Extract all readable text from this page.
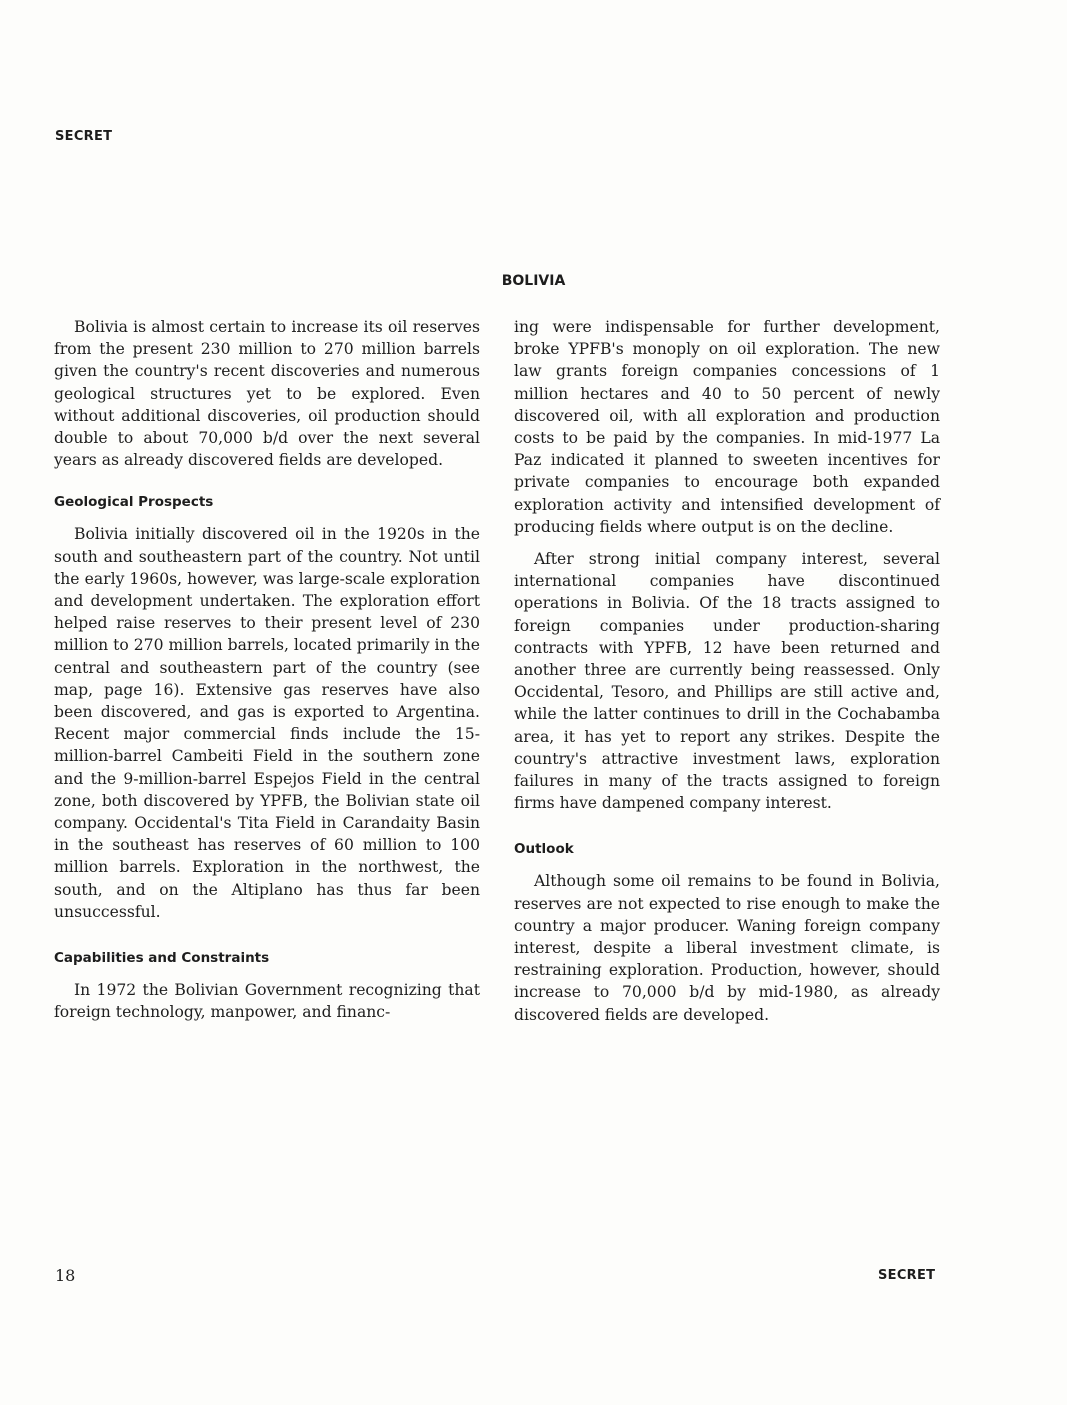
SECRET
BOLIVIA

Bolivia is almost certain to increase its oil reserves from the present 230 million to 270 million barrels given the country's recent discoveries and numerous geological structures yet to be explored. Even without additional discoveries, oil production should double to about 70,000 b/d over the next several years as already discovered fields are developed.

Geological Prospects

Bolivia initially discovered oil in the 1920s in the south and southeastern part of the country. Not until the early 1960s, however, was large-scale exploration and development undertaken. The exploration effort helped raise reserves to their present level of 230 million to 270 million barrels, located primarily in the central and southeastern part of the country (see map, page 16). Extensive gas reserves have also been discovered, and gas is exported to Argentina. Recent major commercial finds include the 15-million-barrel Cambeiti Field in the southern zone and the 9-million-barrel Espejos Field in the central zone, both discovered by YPFB, the Bolivian state oil company. Occidental's Tita Field in Carandaity Basin in the southeast has reserves of 60 million to 100 million barrels. Exploration in the northwest, the south, and on the Altiplano has thus far been unsuccessful.

Capabilities and Constraints

In 1972 the Bolivian Government recognizing that foreign technology, manpower, and financ-

ing were indispensable for further development, broke YPFB's monoply on oil exploration. The new law grants foreign companies concessions of 1 million hectares and 40 to 50 percent of newly discovered oil, with all exploration and production costs to be paid by the companies. In mid-1977 La Paz indicated it planned to sweeten incentives for private companies to encourage both expanded exploration activity and intensified development of producing fields where output is on the decline.

After strong initial company interest, several international companies have discontinued operations in Bolivia. Of the 18 tracts assigned to foreign companies under production-sharing contracts with YPFB, 12 have been returned and another three are currently being reassessed. Only Occidental, Tesoro, and Phillips are still active and, while the latter continues to drill in the Cochabamba area, it has yet to report any strikes. Despite the country's attractive investment laws, exploration failures in many of the tracts assigned to foreign firms have dampened company interest.

Outlook

Although some oil remains to be found in Bolivia, reserves are not expected to rise enough to make the country a major producer. Waning foreign company interest, despite a liberal investment climate, is restraining exploration. Production, however, should increase to 70,000 b/d by mid-1980, as already discovered fields are developed.

18	SECRET
